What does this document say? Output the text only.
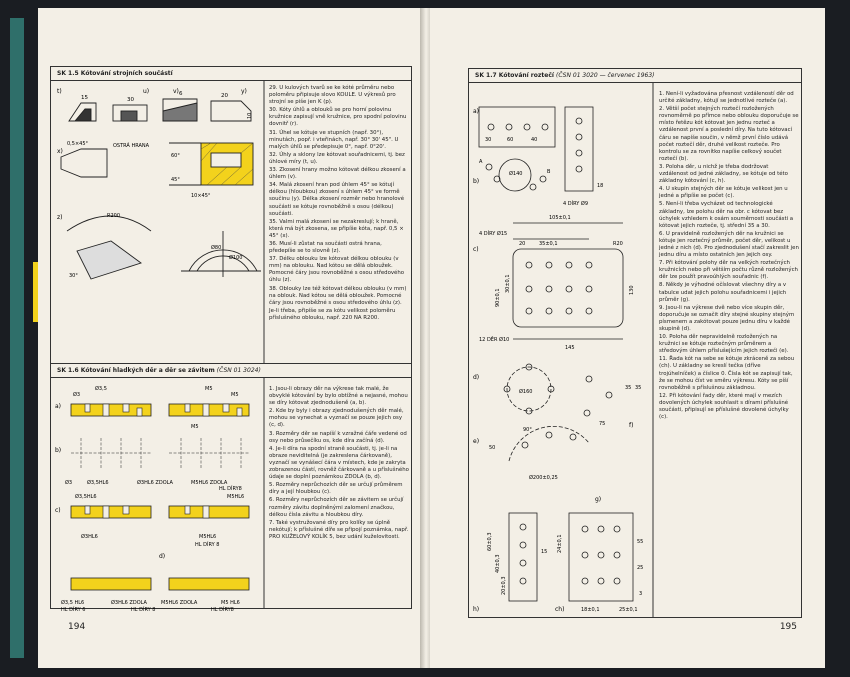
SK 1.5 Kótování strojních součástí
t)	u)	v)	y)
15	30
6	20
10
x)
0,5×45°	OSTRÁ HRANA
60°
45°
10×45°
z)	R200
30°
Ø80
Ø100

29. U kulových tvarů se ke kóté průměru nebo poloměru připisuje slovo KOULE. U výkresů pro strojní se piše jen K (p).

30. Kóty úhlů a oblouků se pro horní polovinu kružnice zapisují vně kružnice, pro spodní polovinu dovnitř (r).

31. Úhel se kótuje ve stupních (např. 30°), minutách, popř. i vteřinách, např. 30° 30' 45". U malých úhlů se předepisuje 0°, např. 0°20'.

32. Úhly a sklony lze kótovat souřadnicemi, tj. bez úhlové míry (t, u).

33. Zkosení hrany možno kótovat délkou zkosení a úhlem (v).

34. Malá zkosení hran pod úhlem 45° se kótují délkou (hloubkou) zkosení s úhlem 45° ve formě součinu (y). Délka zkosení rozměr nebo hranolové součásti se kótuje rovnoběžně s osou (délkou) součásti.

35. Valmi malá zkosení se nezakreslují; k hraně, která má být zkosena, se připíše kóta, např. 0,5 × 45° (x).

36. Musí-li zůstat na součásti ostrá hrana, předepíše se to slovně (z).

37. Délku oblouku lze kótovat délkou oblouku (v mm) na oblouku. Nad kótou se dělá obloužek. Pomocné čáry jsou rovnoběžné s osou středového úhlu (z).

38. Oblouky lze též kótovat délkou oblouku (v mm) na oblouk. Nad kótou se dělá obloužek. Pomocné čáry jsou rovnoběžné s osou středového úhlu (z).

Je-li třeba, připíše se za kótu velikost poloměru příslušného oblouku, např. 220 NA R200.

SK 1.6 Kótování hladkých děr a děr se závitem (ČSN 01 3024)
a)
b)
c)
d)
Ø3
Ø3,5	M5
M5
M5
Ø3	Ø3,5HL6	Ø3HL6 ZDOLA	M5HL6 ZDOLA
HL DÍRY8
Ø3,5HL6	M5HL6
Ø3HL6	M5HL6
HL DÍRY 8
Ø3,5 HL6	Ø3HL6 ZDOLA	M5HL6 ZDOLA	M5 HL6
HL DÍRY 6	HL DÍRY 8	HL DÍRY8

1. Jsou-li obrazy děr na výkrese tak malé, že obvyklé kótování by bylo obtížné a nejasné, mohou se díry kótovat zjednodušeně (a, b).

2. Kde by byly i obrazy zjednodušených děr malé, mohou se vynechat a vyznačí se pouze jejich osy (c, d).

3. Rozměry děr se napíší k vzražné čáře vedené od osy nebo průsečíku os, kde díra začíná (d).

4. Je-li díra na spodní straně součásti, tj. je-li na obraze neviditelná (je zakreslena čárkovaně), vyznačí se vynášecí čára v místech, kde je zakryta zobrazenou částí, rovněž čárkovaně a u příslušného údaje se doplní poznámkou ZDOLA (b, d).

5. Rozměry neprůchozích děr se určují průměrem díry a její hloubkou (c).

6. Rozměry neprůchozích děr se závitem se určují rozměry závitu doplněnými zalomení značkou, délkou čísla závitu a hloubkou díry.

7. Také vystružované díry pro kolíky se úplně nekótují; k příslušné díře se připojí poznámka, např. PRO KUŽELOVÝ KOLÍK 5, bez udání kuželovitosti.

194
SK 1.7 Kótování roztečí (ČSN 01 3020 — červenec 1963)
a)
30	60	40
18
b)
A
B
Ø140
4 DÍRY Ø9
c)
105±0,1
4 DÍRY Ø15
20	35±0,1	R20
90±0,1
30±0,1	130
145
12 DĚR Ø10
d)
e)
f)
g)
Ø160
90°
35 35
75
Ø200±0,25
50
h)	ch)
60±0,3
40±0,3
20±0,3
15
18±0,1
24±0,1	55
25
25±0,1
3

1. Není-li vyžadována přesnost vzdáleností děr od určité základny, kótují se jednotlivé rozteče (a).

2. Větší počet stejných roztečí rozložených rovnoměrně po přímce nebo oblouku doporučuje se místo řetězu kót kótovat jen jednu rozteč a vzdálenost první a poslední díry. Na tuto kótovací čáru se napíše součin, v němž první číslo udává počet roztečí děr, druhé velikost rozteče. Pro kontrolu se za rovnítko napíše celkový součet roztečí (b).

3. Poloha děr, u nichž je třeba dodržovat vzdálenost od jedné základny, se kótuje od této základny kótování (c, h).

4. U skupin stejných děr se kótuje velikost jen u jedné a připíše se počet (c).

5. Není-li třeba vycházet od technologické základny, lze polohu děr na obr. c kótovat bez úchylek vzhledem k osám souměrnosti součásti a kótovat jejich rozteče, tj. střední 35 a 30.

6. U pravidelně rozložených děr na kružnici se kótuje jen roztečný průměr, počet děr, velikost u jedné z nich (d). Pro zjednodušení stačí zakreslit jen jednu díru a místo ostatních jen jejich osy.

7. Při kótování polohy děr na velkých roztečných kružnicích nebo při větším počtu různě rozložených děr lze použít pravoúhlých souřadnic (f).

8. Někdy je výhodné očíslovat všechny díry a v tabulce udat jejich polohu souřadnicemi i jejich průměr (g).

9. Jsou-li na výkrese dvě nebo více skupin děr, doporučuje se označit díry stejné skupiny stejným písmenem a zakótovat pouze jednu díru v každé skupině (d).

10. Poloha děr nepravidelně rozložených na kružnici se kótuje roztečným průměrem a středovým úhlem příslušejícím jejich rozteči (e).

11. Řada kót na sebe se kótuje zkráceně za sebou (ch). U základny se kreslí tečka (dříve trojúhelníček) a číslice 0. Čísla kót se zapisují tak, že se mohou číst ve směru výkresu. Kóty se píší rovnoběžně s příslušnou základnou.

12. Při kótování řady děr, které mají v mezích dovolených úchylek souhlasit s dírami příslušné součásti, připisují se příslušné dovolené úchylky (c).

195
